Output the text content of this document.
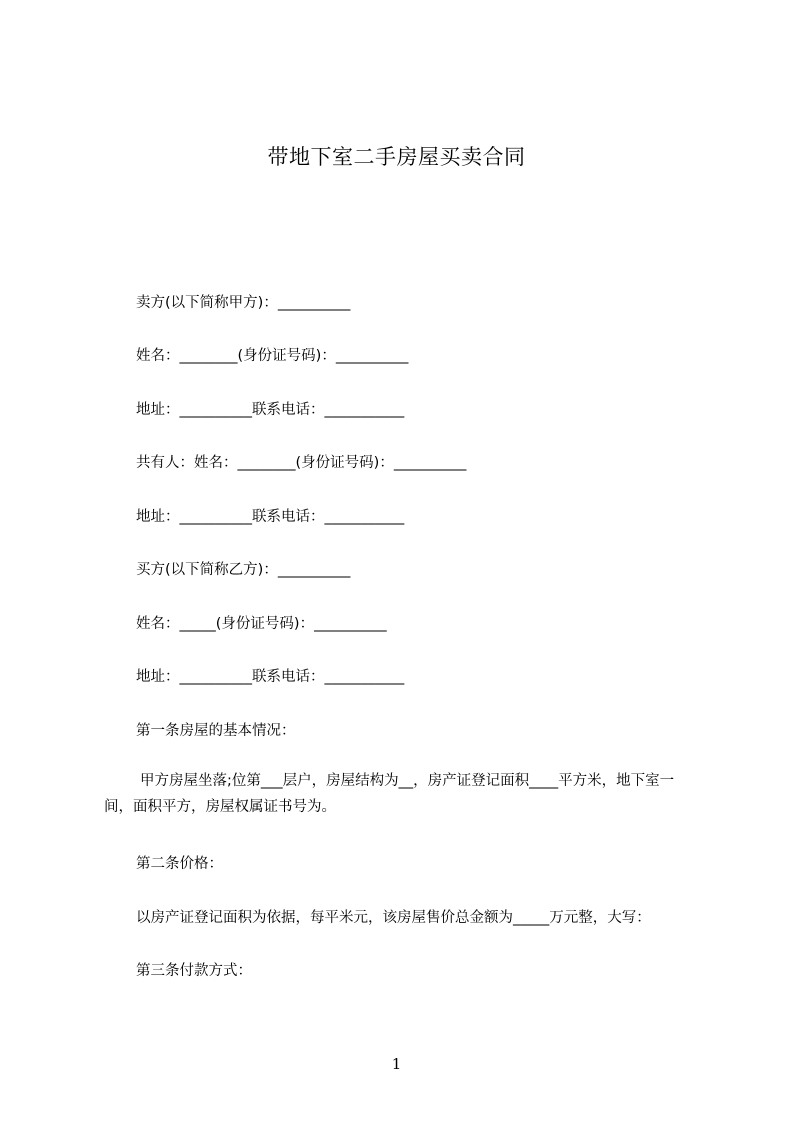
带地下室二手房屋买卖合同
卖方(以下简称甲方)：__________
姓名：________(身份证号码)：__________
地址：__________联系电话：___________
共有人：姓名：________(身份证号码)：__________
地址：__________联系电话：___________
买方(以下简称乙方)：__________
姓名：_____(身份证号码)：__________
地址：__________联系电话：___________
第一条房屋的基本情况：
甲方房屋坐落;位第___层户，房屋结构为__，房产证登记面积____平方米，地下室一间，面积平方，房屋权属证书号为。
第二条价格：
以房产证登记面积为依据，每平米元，该房屋售价总金额为_____万元整，大写：
第三条付款方式：
1
